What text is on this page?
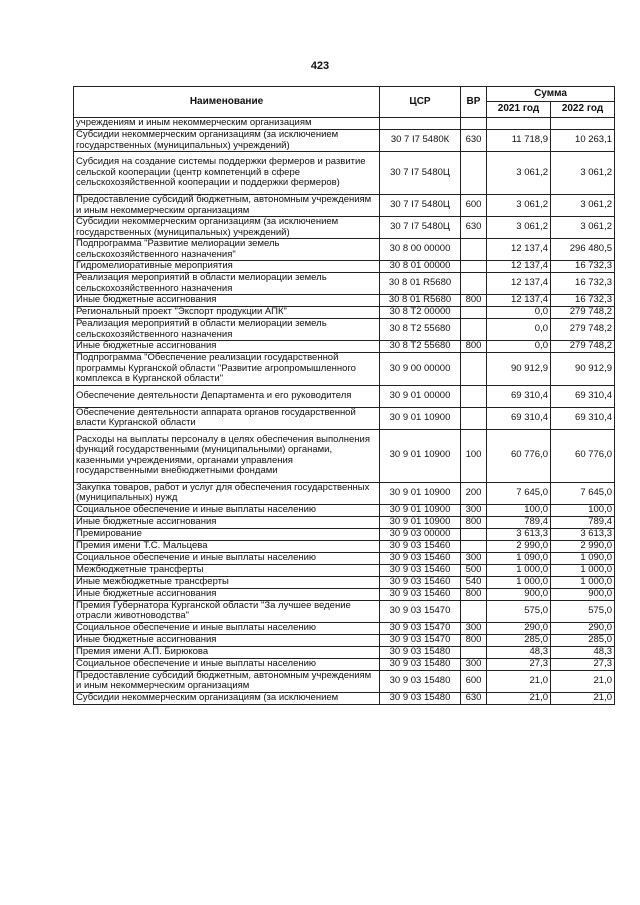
423
Наименование	ЦСР	ВР	Сумма	
			2021 год	2022 год
учреждениям и иным некоммерческим организациям				
Субсидии некоммерческим организациям (за исключением государственных (муниципальных) учреждений)	30 7 I7 5480К	630	11 718,9	10 263,1
Субсидия на создание системы поддержки фермеров и развитие сельской кооперации (центр компетенций в сфере сельскохозяйственной кооперации и поддержки фермеров)	30 7 I7 5480Ц		3 061,2	3 061,2
Предоставление субсидий бюджетным, автономным учреждениям и иным некоммерческим организациям	30 7 I7 5480Ц	600	3 061,2	3 061,2
Субсидии некоммерческим организациям (за исключением государственных (муниципальных) учреждений)	30 7 I7 5480Ц	630	3 061,2	3 061,2
Подпрограмма "Развитие мелиорации земель сельскохозяйственного назначения"	30 8 00 00000		12 137,4	296 480,5
Гидромелиоративные мероприятия	30 8 01 00000		12 137,4	16 732,3
Реализация мероприятий в области мелиорации земель сельскохозяйственного назначения	30 8 01 R5680		12 137,4	16 732,3
Иные бюджетные ассигнования	30 8 01 R5680	800	12 137,4	16 732,3
Региональный проект "Экспорт продукции АПК"	30 8 T2 00000		0,0	279 748,2
Реализация мероприятий в области мелиорации земель сельскохозяйственного назначения	30 8 T2 55680		0,0	279 748,2
Иные бюджетные ассигнования	30 8 T2 55680	800	0,0	279 748,2
Подпрограмма "Обеспечение реализации государственной программы Курганской области "Развитие агропромышленного комплекса в Курганской области"	30 9 00 00000		90 912,9	90 912,9
Обеспечение деятельности Департамента и его руководителя	30 9 01 00000		69 310,4	69 310,4
Обеспечение деятельности аппарата органов государственной власти Курганской области	30 9 01 10900		69 310,4	69 310,4
Расходы на выплаты персоналу в целях обеспечения выполнения функций государственными (муниципальными) органами, казенными учреждениями, органами управления государственными внебюджетными фондами	30 9 01 10900	100	60 776,0	60 776,0
Закупка товаров, работ и услуг для обеспечения государственных (муниципальных) нужд	30 9 01 10900	200	7 645,0	7 645,0
Социальное обеспечение и иные выплаты населению	30 9 01 10900	300	100,0	100,0
Иные бюджетные ассигнования	30 9 01 10900	800	789,4	789,4
Премирование	30 9 03 00000		3 613,3	3 613,3
Премия имени Т.С. Мальцева	30 9 03 15460		2 990,0	2 990,0
Социальное обеспечение и иные выплаты населению	30 9 03 15460	300	1 090,0	1 090,0
Межбюджетные трансферты	30 9 03 15460	500	1 000,0	1 000,0
Иные межбюджетные трансферты	30 9 03 15460	540	1 000,0	1 000,0
Иные бюджетные ассигнования	30 9 03 15460	800	900,0	900,0
Премия Губернатора Курганской области "За лучшее ведение отрасли животноводства"	30 9 03 15470		575,0	575,0
Социальное обеспечение и иные выплаты населению	30 9 03 15470	300	290,0	290,0
Иные бюджетные ассигнования	30 9 03 15470	800	285,0	285,0
Премия имени А.П. Бирюкова	30 9 03 15480		48,3	48,3
Социальное обеспечение и иные выплаты населению	30 9 03 15480	300	27,3	27,3
Предоставление субсидий бюджетным, автономным учреждениям и иным некоммерческим организациям	30 9 03 15480	600	21,0	21,0
Субсидии некоммерческим организациям (за исключением	30 9 03 15480	630	21,0	21,0
